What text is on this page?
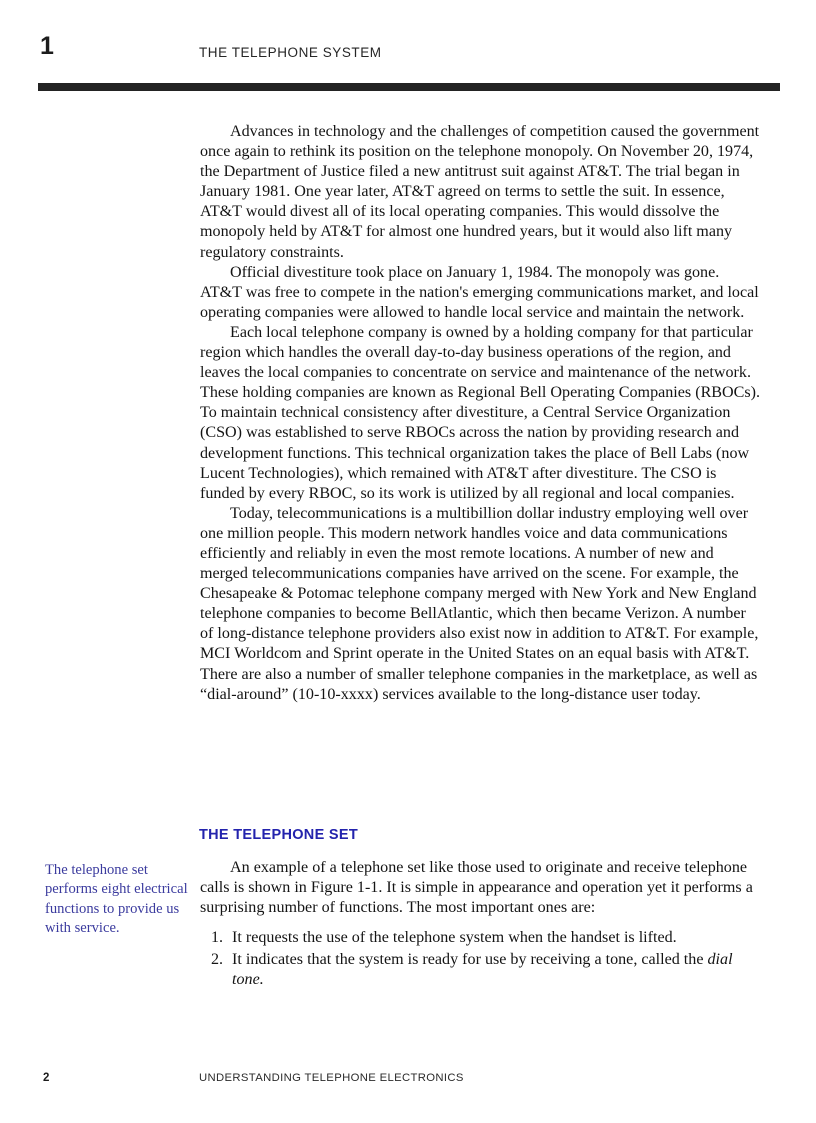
1	THE TELEPHONE SYSTEM

Advances in technology and the challenges of competition caused the government once again to rethink its position on the telephone monopoly. On November 20, 1974, the Department of Justice filed a new antitrust suit against AT&T. The trial began in January 1981. One year later, AT&T agreed on terms to settle the suit. In essence, AT&T would divest all of its local operating companies. This would dissolve the monopoly held by AT&T for almost one hundred years, but it would also lift many regulatory constraints.

Official divestiture took place on January 1, 1984. The monopoly was gone. AT&T was free to compete in the nation's emerging communications market, and local operating companies were allowed to handle local service and maintain the network.

Each local telephone company is owned by a holding company for that particular region which handles the overall day-to-day business operations of the region, and leaves the local companies to concentrate on service and maintenance of the network. These holding companies are known as Regional Bell Operating Companies (RBOCs). To maintain technical consistency after divestiture, a Central Service Organization (CSO) was established to serve RBOCs across the nation by providing research and development functions. This technical organization takes the place of Bell Labs (now Lucent Technologies), which remained with AT&T after divestiture. The CSO is funded by every RBOC, so its work is utilized by all regional and local companies.

Today, telecommunications is a multibillion dollar industry employing well over one million people. This modern network handles voice and data communications efficiently and reliably in even the most remote locations. A number of new and merged telecommunications companies have arrived on the scene. For example, the Chesapeake & Potomac telephone company merged with New York and New England telephone companies to become BellAtlantic, which then became Verizon. A number of long-distance telephone providers also exist now in addition to AT&T. For example, MCI Worldcom and Sprint operate in the United States on an equal basis with AT&T. There are also a number of smaller telephone companies in the marketplace, as well as “dial-around” (10-10-xxxx) services available to the long-distance user today.

THE TELEPHONE SET
The telephone set performs eight electrical functions to provide us with service.

An example of a telephone set like those used to originate and receive telephone calls is shown in Figure 1-1. It is simple in appearance and operation yet it performs a surprising number of functions. The most important ones are:

1. It requests the use of the telephone system when the handset is lifted.
2. It indicates that the system is ready for use by receiving a tone, called the dial tone.
2	UNDERSTANDING TELEPHONE ELECTRONICS
